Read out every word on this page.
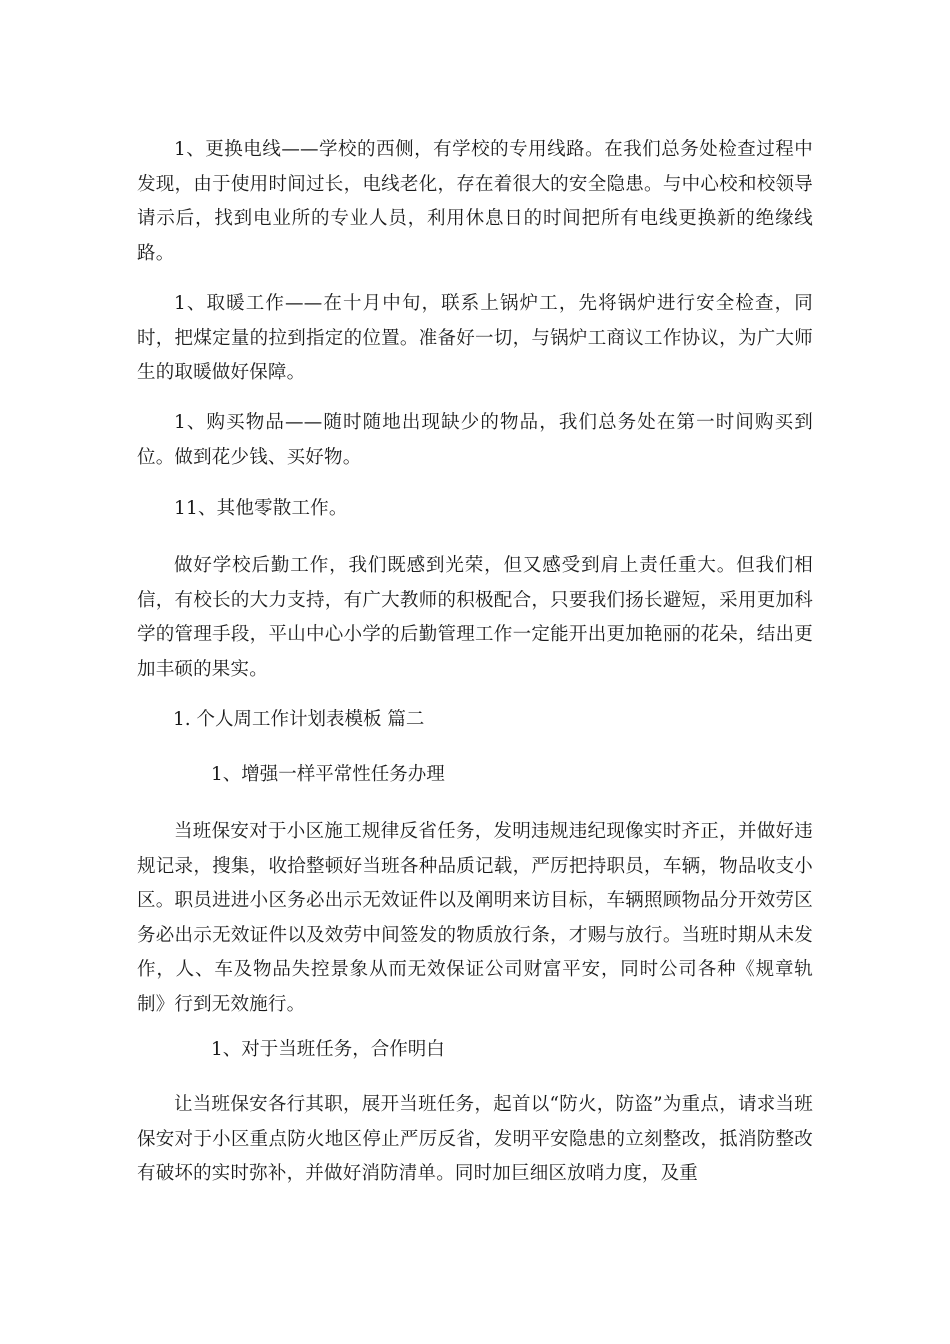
1、更换电线——学校的西侧，有学校的专用线路。在我们总务处检查过程中发现，由于使用时间过长，电线老化，存在着很大的安全隐患。与中心校和校领导请示后，找到电业所的专业人员，利用休息日的时间把所有电线更换新的绝缘线路。

1、取暖工作——在十月中旬，联系上锅炉工，先将锅炉进行安全检查，同时，把煤定量的拉到指定的位置。准备好一切，与锅炉工商议工作协议，为广大师生的取暖做好保障。

1、购买物品——随时随地出现缺少的物品，我们总务处在第一时间购买到位。做到花少钱、买好物。

11、其他零散工作。

做好学校后勤工作，我们既感到光荣，但又感受到肩上责任重大。但我们相信，有校长的大力支持，有广大教师的积极配合，只要我们扬长避短，采用更加科学的管理手段，平山中心小学的后勤管理工作一定能开出更加艳丽的花朵，结出更加丰硕的果实。

1. 个人周工作计划表模板 篇二

1、增强一样平常性任务办理

当班保安对于小区施工规律反省任务，发明违规违纪现像实时齐正，并做好违规记录，搜集，收拾整顿好当班各种品质记载，严厉把持职员，车辆，物品收支小区。职员进进小区务必出示无效证件以及阐明来访目标，车辆照顾物品分开效劳区务必出示无效证件以及效劳中间签发的物质放行条，才赐与放行。当班时期从未发作，人、车及物品失控景象从而无效保证公司财富平安，同时公司各种《规章轨制》行到无效施行。

1、对于当班任务，合作明白

让当班保安各行其职，展开当班任务，起首以“防火，防盗”为重点，请求当班保安对于小区重点防火地区停止严厉反省，发明平安隐患的立刻整改，抵消防整改有破坏的实时弥补，并做好消防清单。同时加巨细区放哨力度，及重
